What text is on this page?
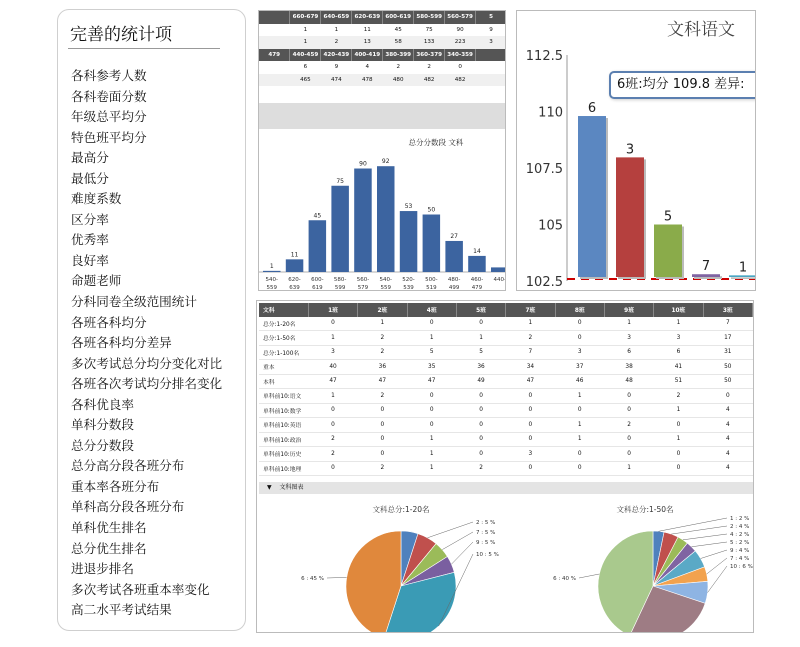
完善的统计项
各科参考人数
各科卷面分数
年级总平均分
特色班平均分
最高分
最低分
难度系数
区分率
优秀率
良好率
命题老师
分科同卷全级范围统计
各班各科均分
各班各科均分差异
多次考试总分均分变化对比
各班各次考试均分排名变化
各科优良率
单科分数段
总分分数段
总分高分段各班分布
重本率各班分布
单科高分段各班分布
单科优生排名
总分优生排名
进退步排名
多次考试各班重本率变化
高二水平考试结果
	660-679	640-659	620-639	600-619	580-599	560-579	5
	1	1	11	45	75	90	9
	1	2	13	58	133	223	3
479	440-459	420-439	400-419	380-399	360-379	340-359	
	6	9	4	2	2	0	
	465	474	478	480	482	482	
总分分数段 文科
1
540-
559
11
620-
639
45
600-
619
75
580-
599
90
560-
579
92
540-
559
53
520-
539
50
500-
519
27
480-
499
14
460-
479
440-
文科语文
112.5
110
107.5
105
102.5
6
3
5
7 1
6班:均分 109.8 差异:
文科	1班	2班	4班	5班	7班	8班	9班	10班	3班
总分:1-20名	0	1	0	0	1	0	1	1	7
总分:1-50名	1	2	1	1	2	0	3	3	17
总分:1-100名	3	2	5	5	7	3	6	6	31
重本	40	36	35	36	34	37	38	41	50
本科	47	47	47	49	47	46	48	51	50
单科前10:语文	1	2	0	0	0	1	0	2	0
单科前10:数学	0	0	0	0	0	0	0	1	4
单科前10:英语	0	0	0	0	0	1	2	0	4
单科前10:政治	2	0	1	0	0	1	0	1	4
单科前10:历史	2	0	1	0	3	0	0	0	4
单科前10:地理	0	2	1	2	0	0	1	0	4
▼ 文科图表
文科总分:1-20名
2 : 5 %
7 : 5 %
9 : 5 %
10 : 5 %
6 : 45 %
文科总分:1-50名
1 : 2 %
2 : 4 %
4 : 2 %
5 : 2 %
9 : 4 %
7 : 4 %
10 : 6 %
6 : 40 %
